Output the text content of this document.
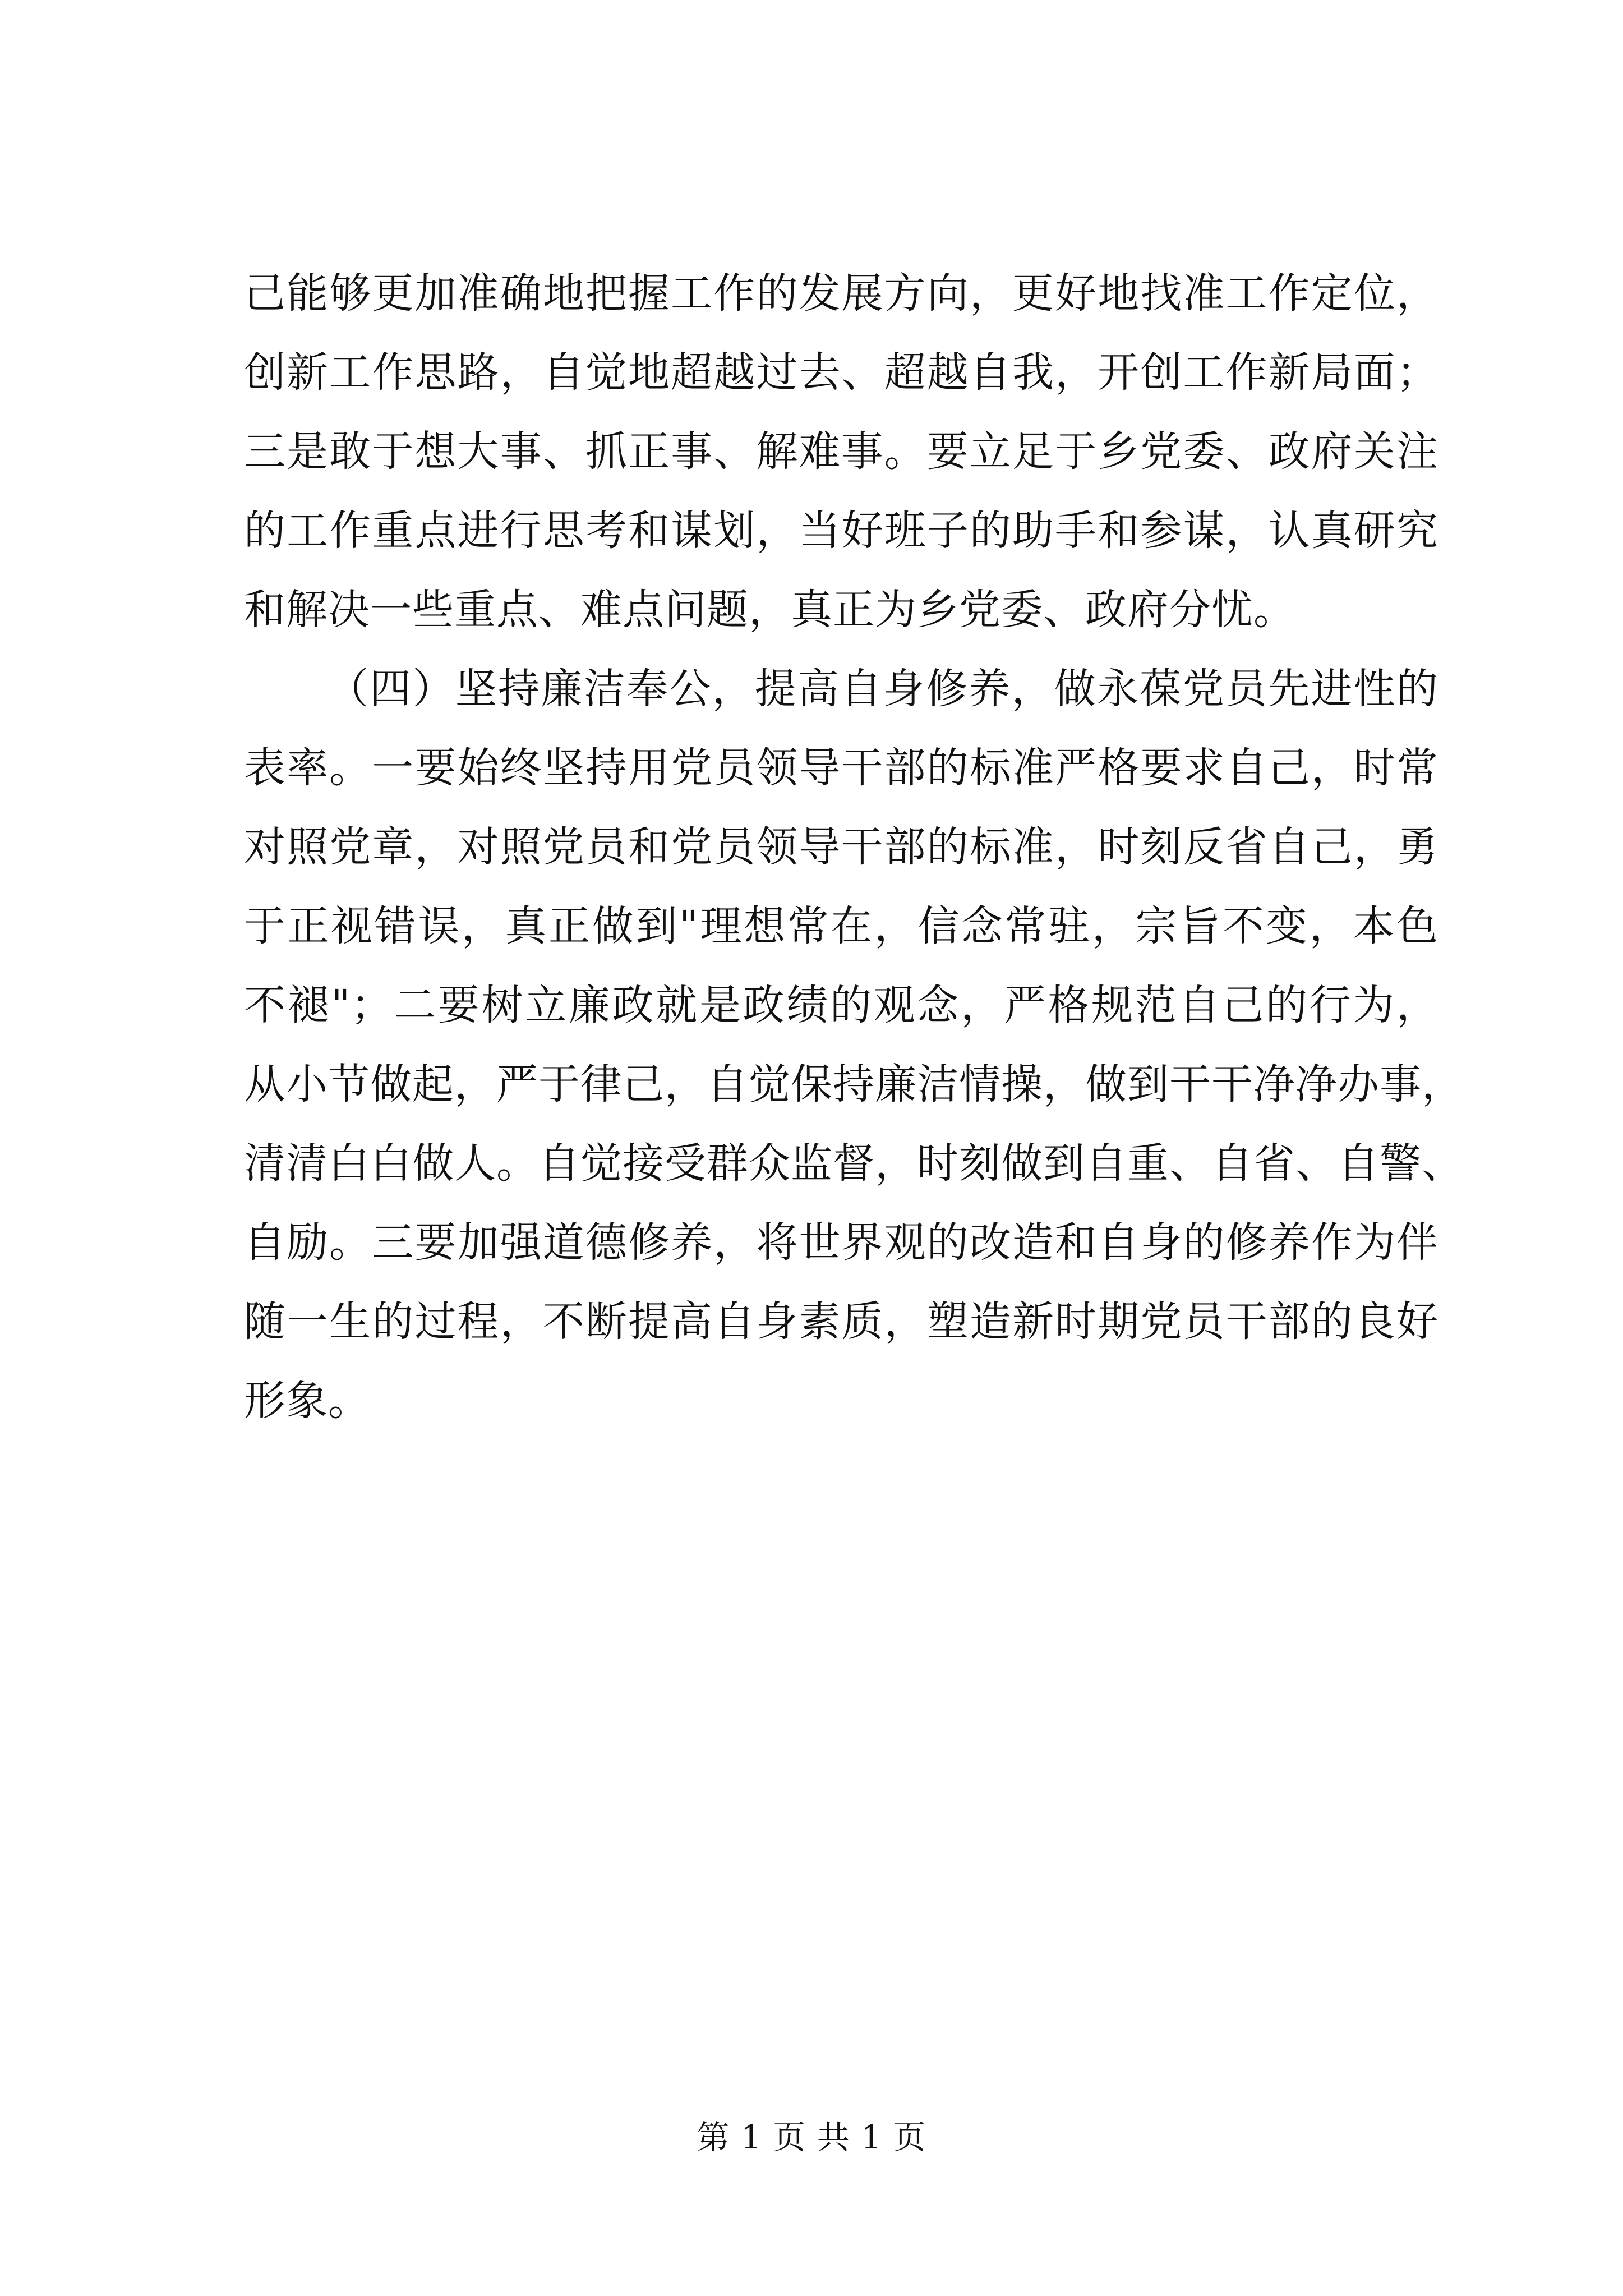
己能够更加准确地把握工作的发展方向，更好地找准工作定位，
创新工作思路，自觉地超越过去、超越自我，开创工作新局面；
三是敢于想大事、抓正事、解难事。要立足于乡党委、政府关注
的工作重点进行思考和谋划，当好班子的助手和参谋，认真研究
和解决一些重点、难点问题，真正为乡党委、政府分忧。
（四）坚持廉洁奉公，提高自身修养，做永葆党员先进性的
表率。一要始终坚持用党员领导干部的标准严格要求自己，时常
对照党章，对照党员和党员领导干部的标准，时刻反省自己，勇
于正视错误，真正做到"理想常在，信念常驻，宗旨不变，本色
不褪"；二要树立廉政就是政绩的观念，严格规范自己的行为，
从小节做起，严于律己，自觉保持廉洁情操，做到干干净净办事，
清清白白做人。自觉接受群众监督，时刻做到自重、自省、自警、
自励。三要加强道德修养，将世界观的改造和自身的修养作为伴
随一生的过程，不断提高自身素质，塑造新时期党员干部的良好
形象。
第 1 页 共 1 页
